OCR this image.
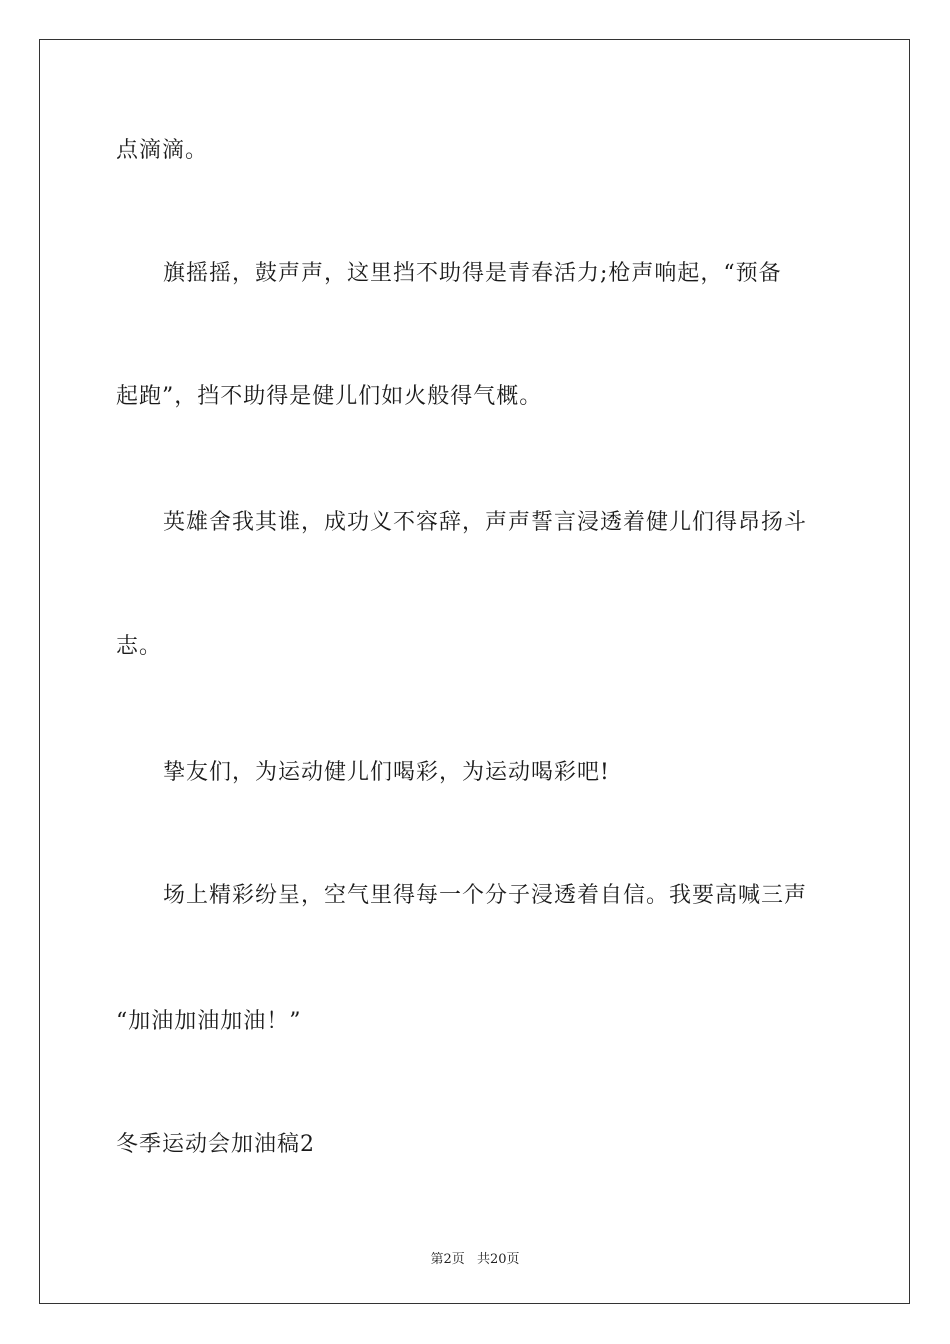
点滴滴。
旗摇摇，鼓声声，这里挡不助得是青春活力;枪声响起，“预备
起跑”，挡不助得是健儿们如火般得气概。
英雄舍我其谁，成功义不容辞，声声誓言浸透着健儿们得昂扬斗
志。
挚友们，为运动健儿们喝彩，为运动喝彩吧!
场上精彩纷呈，空气里得每一个分子浸透着自信。我要高喊三声
“加油加油加油！”
冬季运动会加油稿2
第2页 共20页
